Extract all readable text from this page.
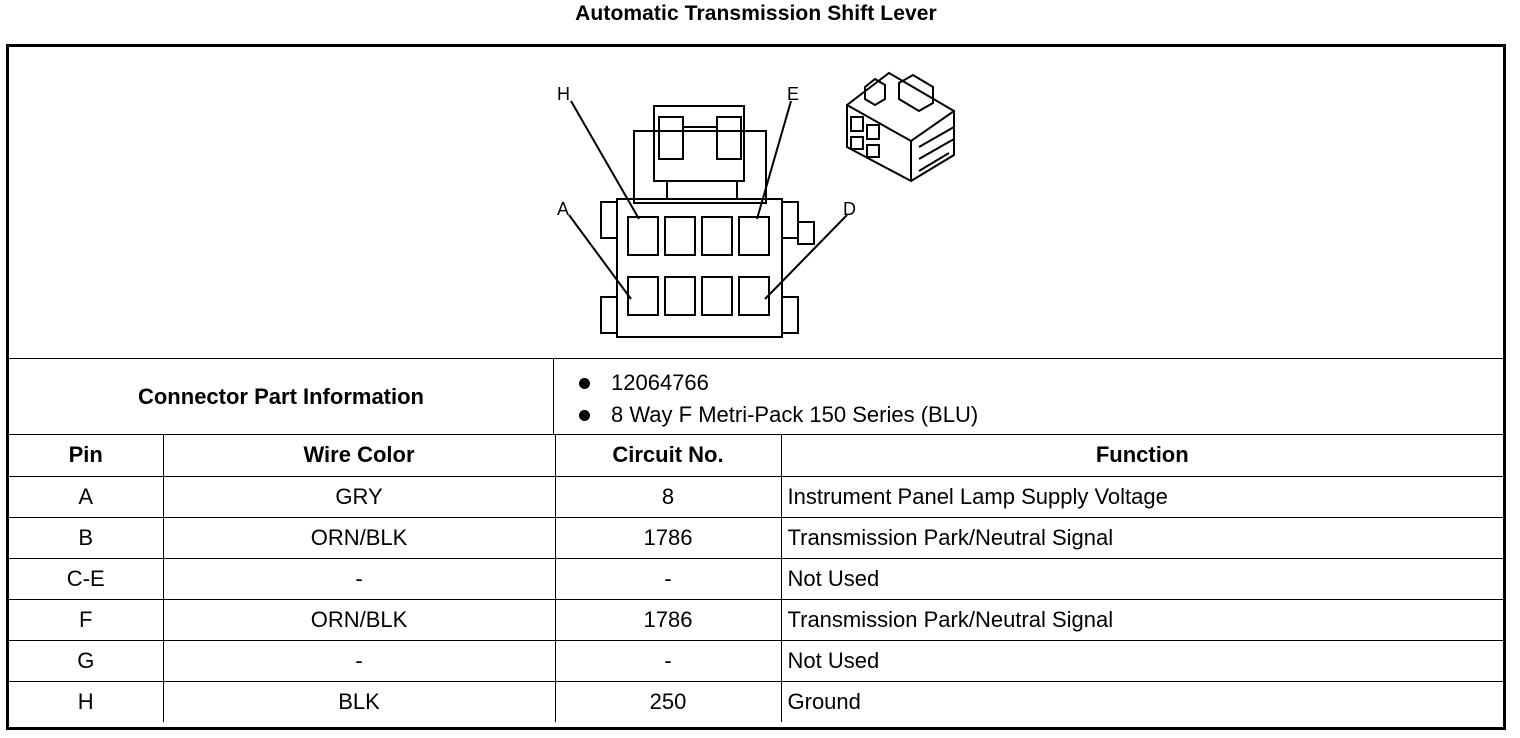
Automatic Transmission Shift Lever
H	E
A	D
Connector Part Information
12064766
8 Way F Metri-Pack 150 Series (BLU)
Pin	Wire Color	Circuit No.	Function
A	GRY	8	Instrument Panel Lamp Supply Voltage
B	ORN/BLK	1786	Transmission Park/Neutral Signal
C-E	-	-	Not Used
F	ORN/BLK	1786	Transmission Park/Neutral Signal
G	-	-	Not Used
H	BLK	250	Ground
